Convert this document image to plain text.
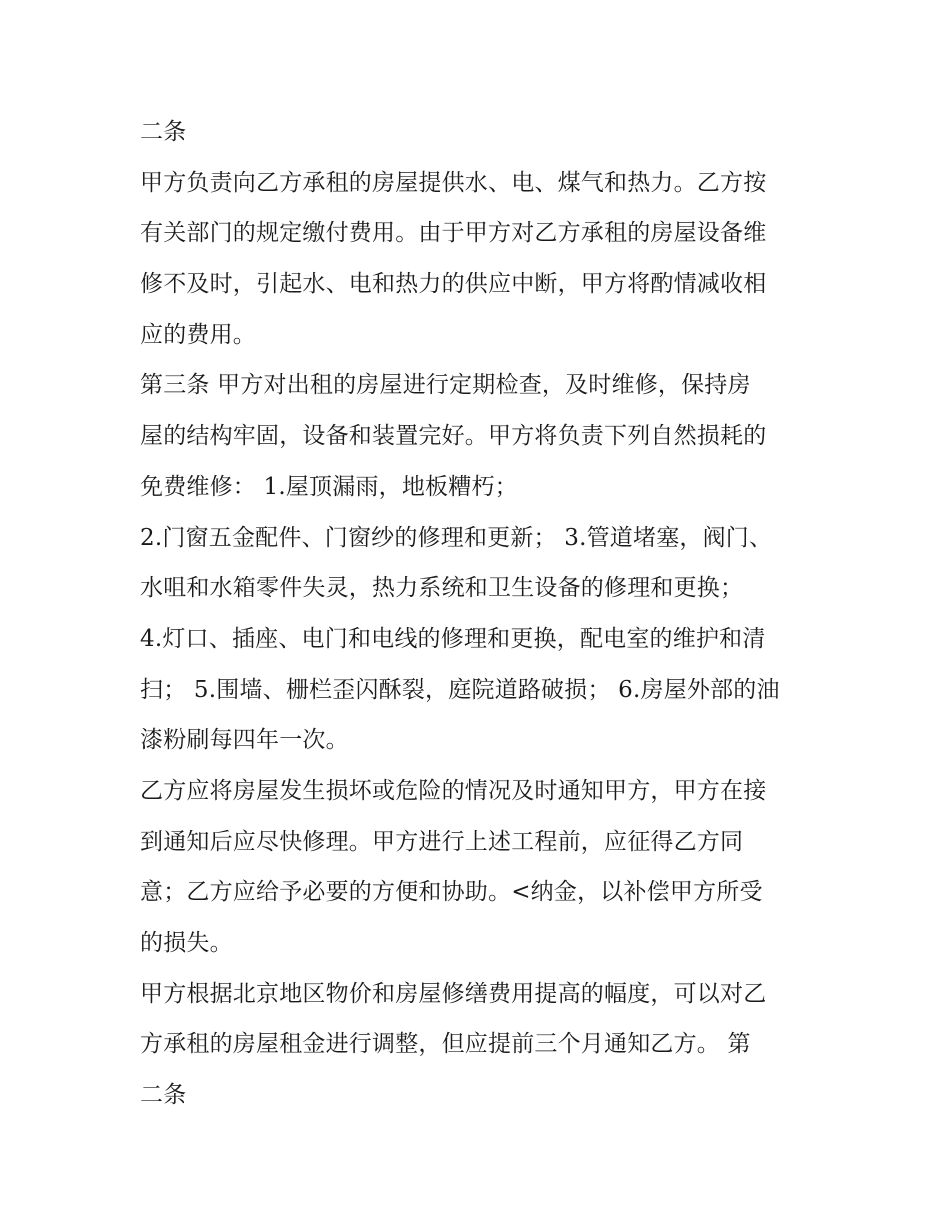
二条
甲方负责向乙方承租的房屋提供水、电、煤气和热力。乙方按
有关部门的规定缴付费用。由于甲方对乙方承租的房屋设备维
修不及时，引起水、电和热力的供应中断，甲方将酌情减收相
应的费用。
第三条 甲方对出租的房屋进行定期检查，及时维修，保持房
屋的结构牢固，设备和装置完好。甲方将负责下列自然损耗的
免费维修： 1.屋顶漏雨，地板糟朽；
2.门窗五金配件、门窗纱的修理和更新； 3.管道堵塞，阀门、
水咀和水箱零件失灵，热力系统和卫生设备的修理和更换；
4.灯口、插座、电门和电线的修理和更换，配电室的维护和清
扫； 5.围墙、栅栏歪闪酥裂，庭院道路破损； 6.房屋外部的油
漆粉刷每四年一次。
乙方应将房屋发生损坏或危险的情况及时通知甲方，甲方在接
到通知后应尽快修理。甲方进行上述工程前，应征得乙方同
意；乙方应给予必要的方便和协助。<纳金，以补偿甲方所受
的损失。
甲方根据北京地区物价和房屋修缮费用提高的幅度，可以对乙
方承租的房屋租金进行调整，但应提前三个月通知乙方。 第
二条
